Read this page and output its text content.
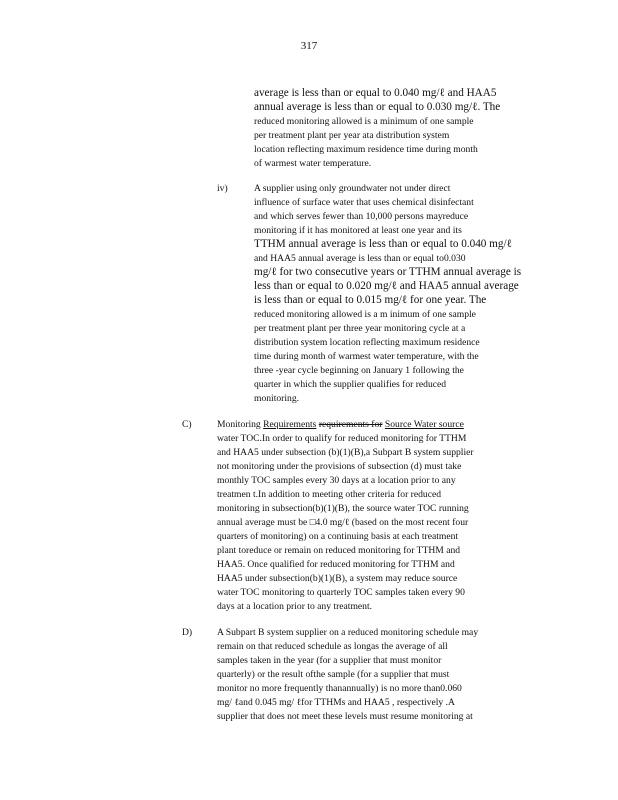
317
average is less than or equal to 0.040 mg/ℓ and HAA5
annual average is less than or equal to 0.030 mg/ℓ. The
reduced monitoring allowed is a minimum of one sample
per treatment plant per year ata distribution system
location reflecting maximum residence time during month
of warmest water temperature.
iv)	A supplier using only groundwater not under direct
influence of surface water that uses chemical disinfectant
and which serves fewer than 10,000 persons mayreduce
monitoring if it has monitored at least one year and its
TTHM annual average is less than or equal to 0.040 mg/ℓ
and HAA5 annual average is less than or equal to0.030
mg/ℓ for two consecutive years or TTHM annual average is
less than or equal to 0.020 mg/ℓ and HAA5 annual average
is less than or equal to 0.015 mg/ℓ for one year. The
reduced monitoring allowed is a m inimum of one sample
per treatment plant per three year monitoring cycle at a
distribution system location reflecting maximum residence
time during month of warmest water temperature, with the
three -year cycle beginning on January 1 following the
quarter in which the supplier qualifies for reduced
monitoring.
C)	Monitoring Requirements requirements for Source Water source
water TOC.In order to qualify for reduced monitoring for TTHM
and HAA5 under subsection (b)(1)(B),a Subpart B system supplier
not monitoring under the provisions of subsection (d) must take
monthly TOC samples every 30 days at a location prior to any
treatmen t.In addition to meeting other criteria for reduced
monitoring in subsection(b)(1)(B), the source water TOC running
annual average must be □4.0 mg/ℓ (based on the most recent four
quarters of monitoring) on a continuing basis at each treatment
plant toreduce or remain on reduced monitoring for TTHM and
HAA5. Once qualified for reduced monitoring for TTHM and
HAA5 under subsection(b)(1)(B), a system may reduce source
water TOC monitoring to quarterly TOC samples taken every 90
days at a location prior to any treatment.
D)	A Subpart B system supplier on a reduced monitoring schedule may
remain on that reduced schedule as longas the average of all
samples taken in the year (for a supplier that must monitor
quarterly) or the result ofthe sample (for a supplier that must
monitor no more frequently thanannually) is no more than0.060
mg/ ℓand 0.045 mg/ ℓfor TTHMs and HAA5 , respectively .A
supplier that does not meet these levels must resume monitoring at
